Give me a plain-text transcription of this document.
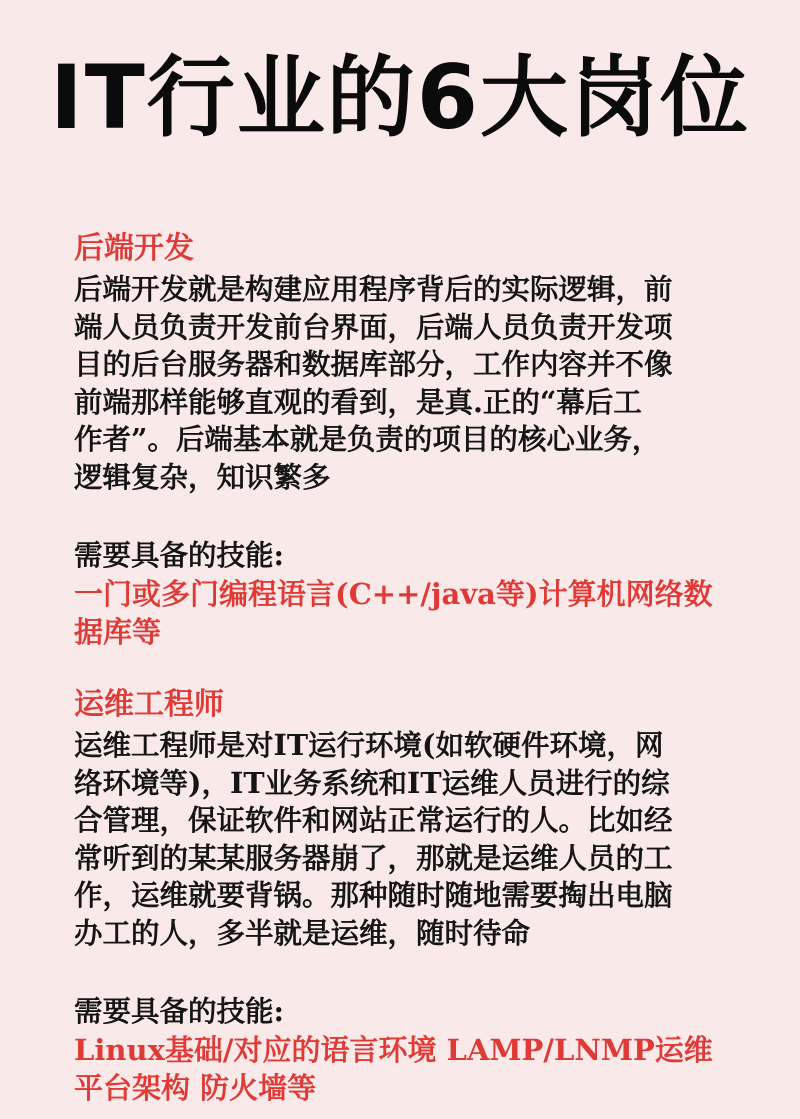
IT行业的6大岗位
后端开发
后端开发就是构建应用程序背后的实际逻辑，前
端人员负责开发前台界面，后端人员负责开发项
目的后台服务器和数据库部分，工作内容并不像
前端那样能够直观的看到，是真.正的“幕后工
作者”。后端基本就是负责的项目的核心业务，
逻辑复杂，知识繁多
需要具备的技能:
一门或多门编程语言(C++/java等)计算机网络数
据库等
运维工程师
运维工程师是对IT运行环境(如软硬件环境，网
络环境等)，IT业务系统和IT运维人员进行的综
合管理，保证软件和网站正常运行的人。比如经
常听到的某某服务器崩了，那就是运维人员的工
作，运维就要背锅。那种随时随地需要掏出电脑
办工的人，多半就是运维，随时待命
需要具备的技能:
Linux基础/对应的语言环境 LAMP/LNMP运维
平台架构 防火墙等
